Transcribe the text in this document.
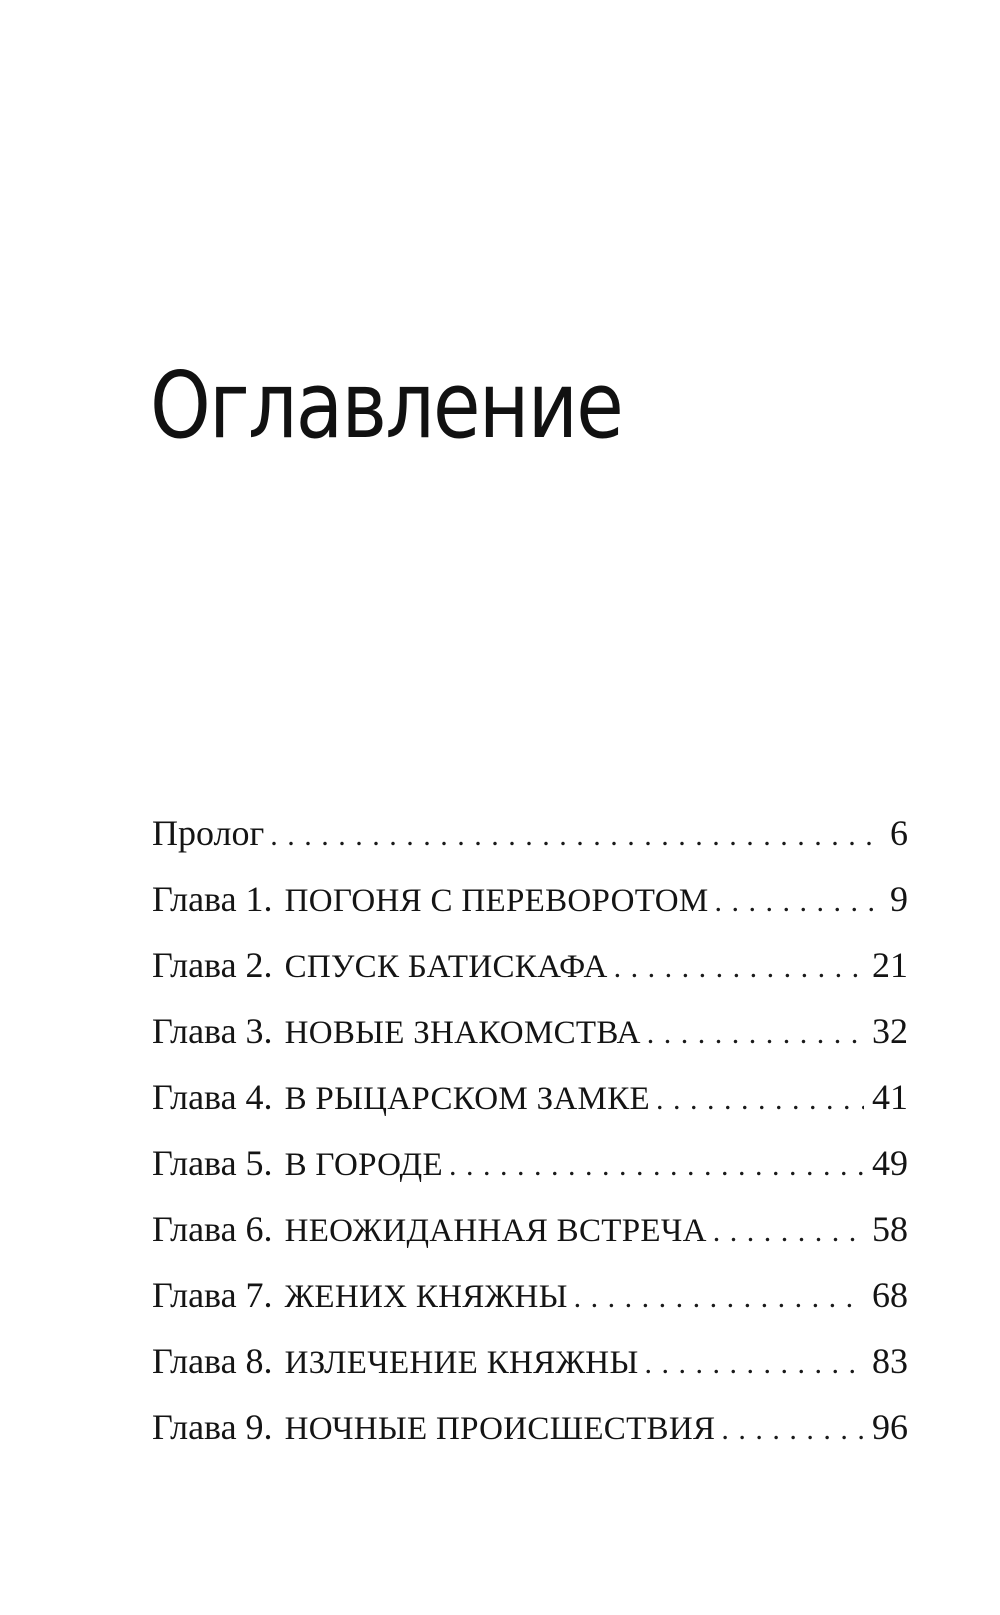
Оглавление
Пролог . . .	6
Глава 1. ПОГОНЯ С ПЕРЕВОРОТОМ . . .	9
Глава 2. СПУСК БАТИСКАФА . . .	21
Глава 3. НОВЫЕ ЗНАКОМСТВА . . .	32
Глава 4. В РЫЦАРСКОМ ЗАМКЕ . . .	41
Глава 5. В ГОРОДЕ . . .	49
Глава 6. НЕОЖИДАННАЯ ВСТРЕЧА . . .	58
Глава 7. ЖЕНИХ КНЯЖНЫ . . .	68
Глава 8. ИЗЛЕЧЕНИЕ КНЯЖНЫ . . .	83
Глава 9. НОЧНЫЕ ПРОИСШЕСТВИЯ . . .	96
